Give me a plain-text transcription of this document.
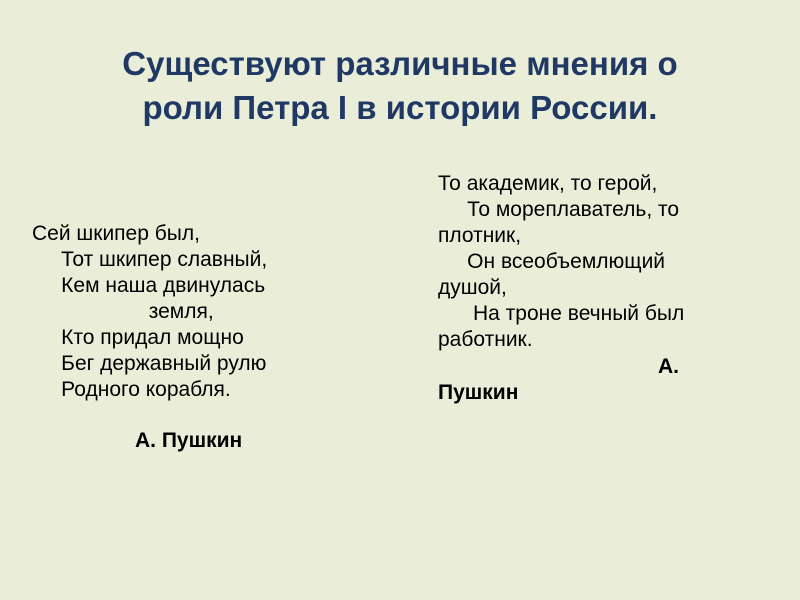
Существуют различные мнения о
роли Петра I в истории России.
Сей шкипер был,
Тот шкипер славный,
Кем наша двинулась
земля,
Кто придал мощно
Бег державный рулю
Родного корабля.
А. Пушкин
То академик, то герой,
То мореплаватель, то
плотник,
Он всеобъемлющий
душой,
На троне вечный был
работник.
А.
Пушкин
